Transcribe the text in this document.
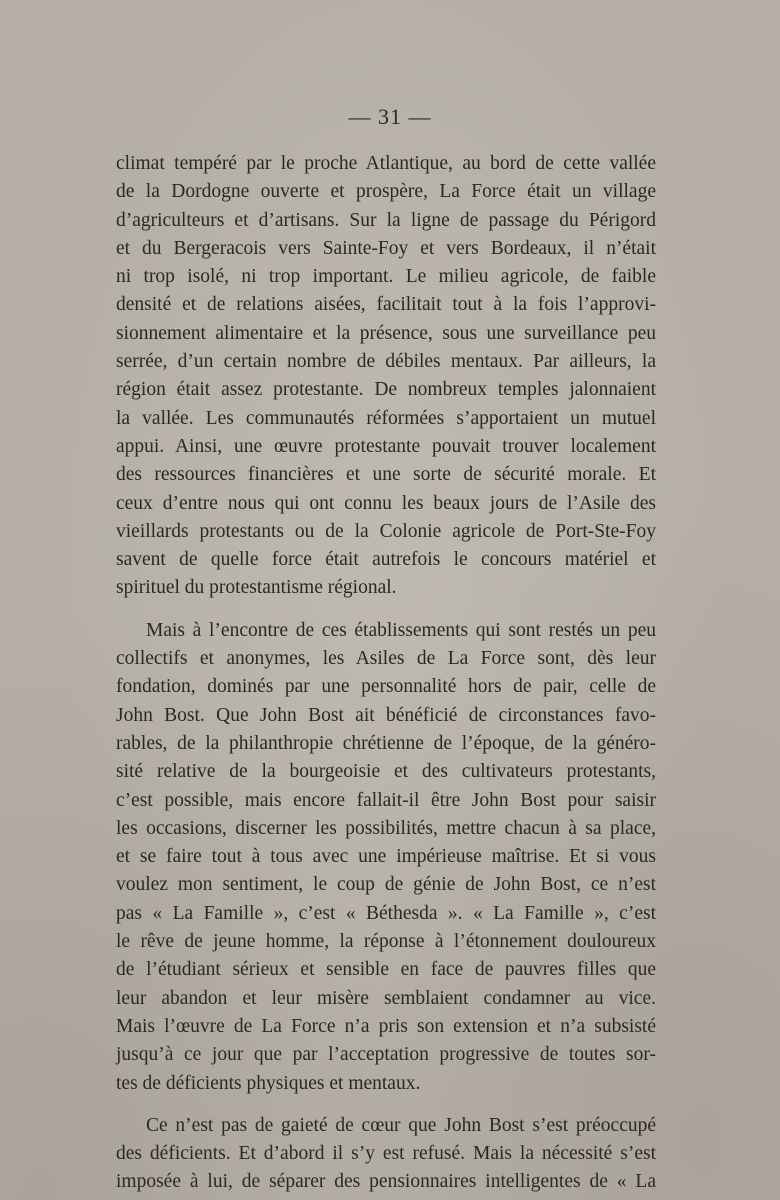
— 31 —
climat tempéré par le proche Atlantique, au bord de cette vallée
de la Dordogne ouverte et prospère, La Force était un village
d’agriculteurs et d’artisans. Sur la ligne de passage du Périgord
et du Bergeracois vers Sainte-Foy et vers Bordeaux, il n’était
ni trop isolé, ni trop important. Le milieu agricole, de faible
densité et de relations aisées, facilitait tout à la fois l’approvi-
sionnement alimentaire et la présence, sous une surveillance peu
serrée, d’un certain nombre de débiles mentaux. Par ailleurs, la
région était assez protestante. De nombreux temples jalonnaient
la vallée. Les communautés réformées s’apportaient un mutuel
appui. Ainsi, une œuvre protestante pouvait trouver localement
des ressources financières et une sorte de sécurité morale. Et
ceux d’entre nous qui ont connu les beaux jours de l’Asile des
vieillards protestants ou de la Colonie agricole de Port-Ste-Foy
savent de quelle force était autrefois le concours matériel et
spirituel du protestantisme régional.
Mais à l’encontre de ces établissements qui sont restés un peu
collectifs et anonymes, les Asiles de La Force sont, dès leur
fondation, dominés par une personnalité hors de pair, celle de
John Bost. Que John Bost ait bénéficié de circonstances favo-
rables, de la philanthropie chrétienne de l’époque, de la généro-
sité relative de la bourgeoisie et des cultivateurs protestants,
c’est possible, mais encore fallait-il être John Bost pour saisir
les occasions, discerner les possibilités, mettre chacun à sa place,
et se faire tout à tous avec une impérieuse maîtrise. Et si vous
voulez mon sentiment, le coup de génie de John Bost, ce n’est
pas « La Famille », c’est « Béthesda ». « La Famille », c’est
le rêve de jeune homme, la réponse à l’étonnement douloureux
de l’étudiant sérieux et sensible en face de pauvres filles que
leur abandon et leur misère semblaient condamner au vice.
Mais l’œuvre de La Force n’a pris son extension et n’a subsisté
jusqu’à ce jour que par l’acceptation progressive de toutes sor-
tes de déficients physiques et mentaux.
Ce n’est pas de gaieté de cœur que John Bost s’est préoccupé
des déficients. Et d’abord il s’y est refusé. Mais la nécessité s’est
imposée à lui, de séparer des pensionnaires intelligentes de « La
